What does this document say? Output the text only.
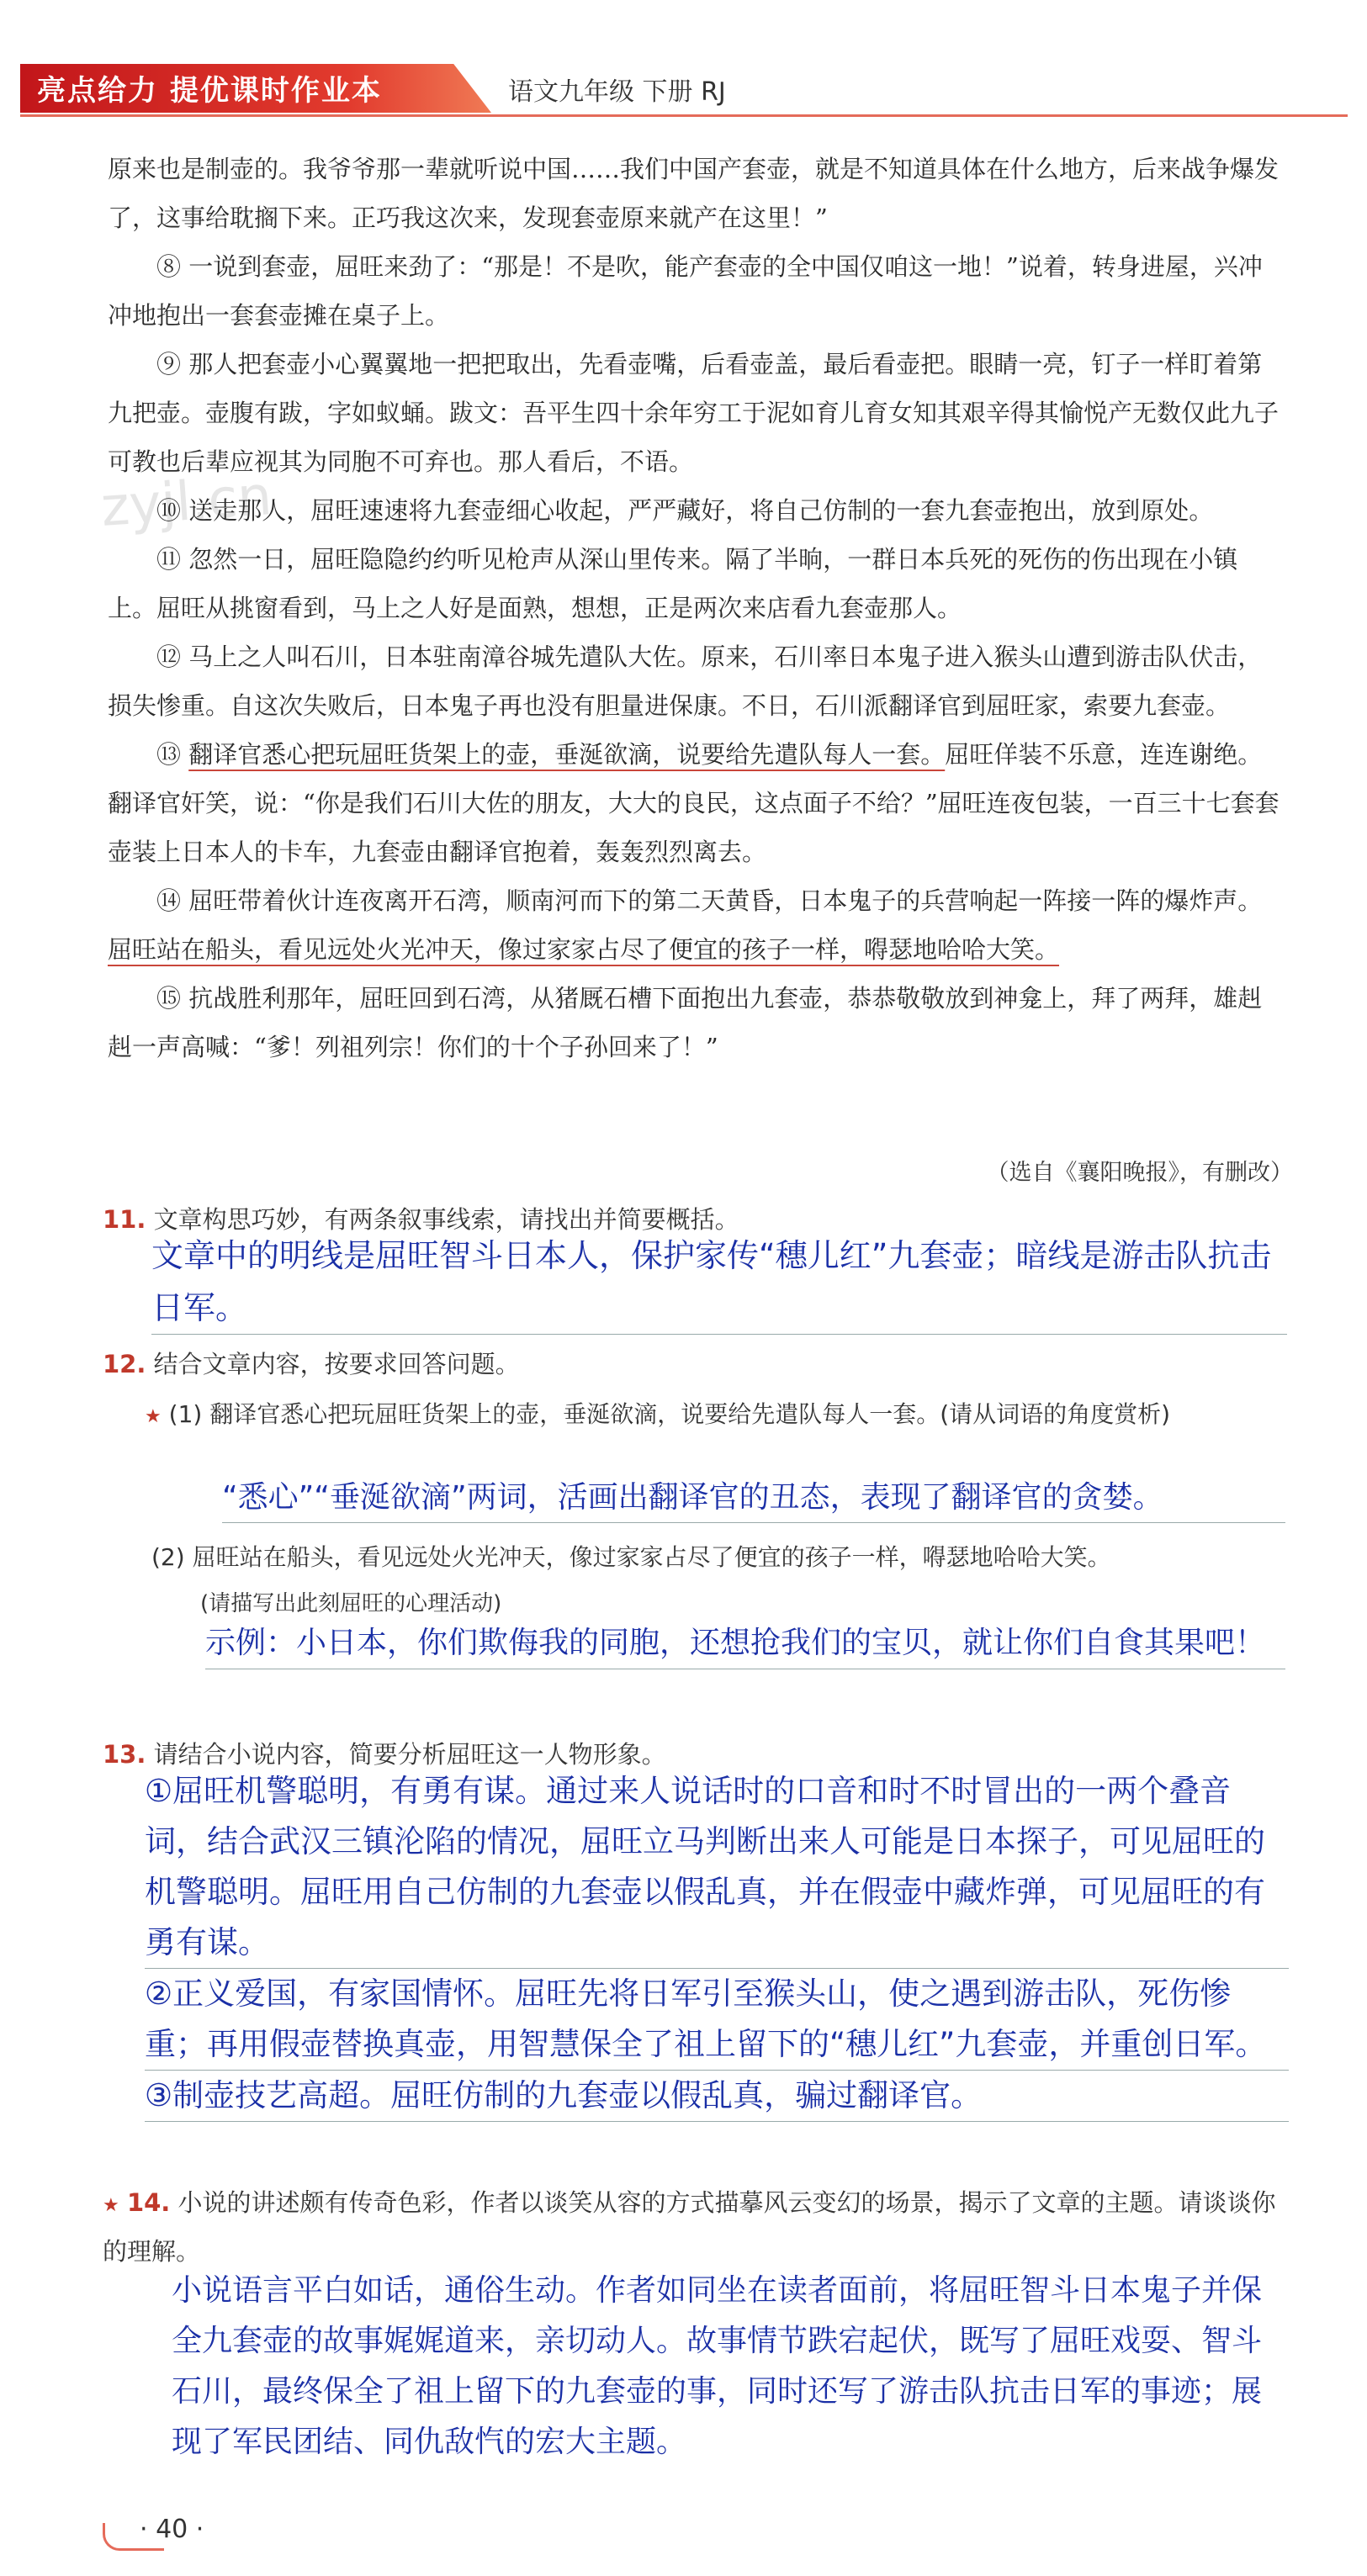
亮点给力 提优课时作业本	语文九年级 下册 RJ
zyjl.cn

原来也是制壶的。我爷爷那一辈就听说中国……我们中国产套壶，就是不知道具体在什么地方，后来战争爆发了，这事给耽搁下来。正巧我这次来，发现套壶原来就产在这里！”

⑧ 一说到套壶，屈旺来劲了：“那是！不是吹，能产套壶的全中国仅咱这一地！”说着，转身进屋，兴冲冲地抱出一套套壶摊在桌子上。

⑨ 那人把套壶小心翼翼地一把把取出，先看壶嘴，后看壶盖，最后看壶把。眼睛一亮，钉子一样盯着第九把壶。壶腹有跋，字如蚁蛹。跋文：吾平生四十余年穷工于泥如育儿育女知其艰辛得其愉悦产无数仅此九子可教也后辈应视其为同胞不可弃也。那人看后，不语。

⑩ 送走那人，屈旺速速将九套壶细心收起，严严藏好，将自己仿制的一套九套壶抱出，放到原处。

⑪ 忽然一日，屈旺隐隐约约听见枪声从深山里传来。隔了半晌，一群日本兵死的死伤的伤出现在小镇上。屈旺从挑窗看到，马上之人好是面熟，想想，正是两次来店看九套壶那人。

⑫ 马上之人叫石川，日本驻南漳谷城先遣队大佐。原来，石川率日本鬼子进入猴头山遭到游击队伏击，损失惨重。自这次失败后，日本鬼子再也没有胆量进保康。不日，石川派翻译官到屈旺家，索要九套壶。

⑬ 翻译官悉心把玩屈旺货架上的壶，垂涎欲滴，说要给先遣队每人一套。屈旺佯装不乐意，连连谢绝。翻译官奸笑，说：“你是我们石川大佐的朋友，大大的良民，这点面子不给？”屈旺连夜包装，一百三十七套套壶装上日本人的卡车，九套壶由翻译官抱着，轰轰烈烈离去。

⑭ 屈旺带着伙计连夜离开石湾，顺南河而下的第二天黄昏，日本鬼子的兵营响起一阵接一阵的爆炸声。屈旺站在船头，看见远处火光冲天，像过家家占尽了便宜的孩子一样，嘚瑟地哈哈大笑。

⑮ 抗战胜利那年，屈旺回到石湾，从猪厩石槽下面抱出九套壶，恭恭敬敬放到神龛上，拜了两拜，雄赳赳一声高喊：“爹！列祖列宗！你们的十个子孙回来了！”

（选自《襄阳晚报》，有删改）
11. 文章构思巧妙，有两条叙事线索，请找出并简要概括。
文章中的明线是屈旺智斗日本人，保护家传“穗儿红”九套壶；暗线是游击队抗击日军。
12. 结合文章内容，按要求回答问题。
★ (1) 翻译官悉心把玩屈旺货架上的壶，垂涎欲滴，说要给先遣队每人一套。(请从词语的角度赏析)
“悉心”“垂涎欲滴”两词，活画出翻译官的丑态，表现了翻译官的贪婪。
(2) 屈旺站在船头，看见远处火光冲天，像过家家占尽了便宜的孩子一样，嘚瑟地哈哈大笑。
(请描写出此刻屈旺的心理活动)
示例：小日本，你们欺侮我的同胞，还想抢我们的宝贝，就让你们自食其果吧！
13. 请结合小说内容，简要分析屈旺这一人物形象。
①屈旺机警聪明，有勇有谋。通过来人说话时的口音和时不时冒出的一两个叠音词，结合武汉三镇沦陷的情况，屈旺立马判断出来人可能是日本探子，可见屈旺的机警聪明。屈旺用自己仿制的九套壶以假乱真，并在假壶中藏炸弹，可见屈旺的有勇有谋。
②正义爱国，有家国情怀。屈旺先将日军引至猴头山，使之遇到游击队，死伤惨重；再用假壶替换真壶，用智慧保全了祖上留下的“穗儿红”九套壶，并重创日军。
③制壶技艺高超。屈旺仿制的九套壶以假乱真，骗过翻译官。
★ 14. 小说的讲述颇有传奇色彩，作者以谈笑从容的方式描摹风云变幻的场景，揭示了文章的主题。请谈谈你的理解。
小说语言平白如话，通俗生动。作者如同坐在读者面前，将屈旺智斗日本鬼子并保全九套壶的故事娓娓道来，亲切动人。故事情节跌宕起伏，既写了屈旺戏耍、智斗石川，最终保全了祖上留下的九套壶的事，同时还写了游击队抗击日军的事迹；展现了军民团结、同仇敌忾的宏大主题。
· 40 ·
